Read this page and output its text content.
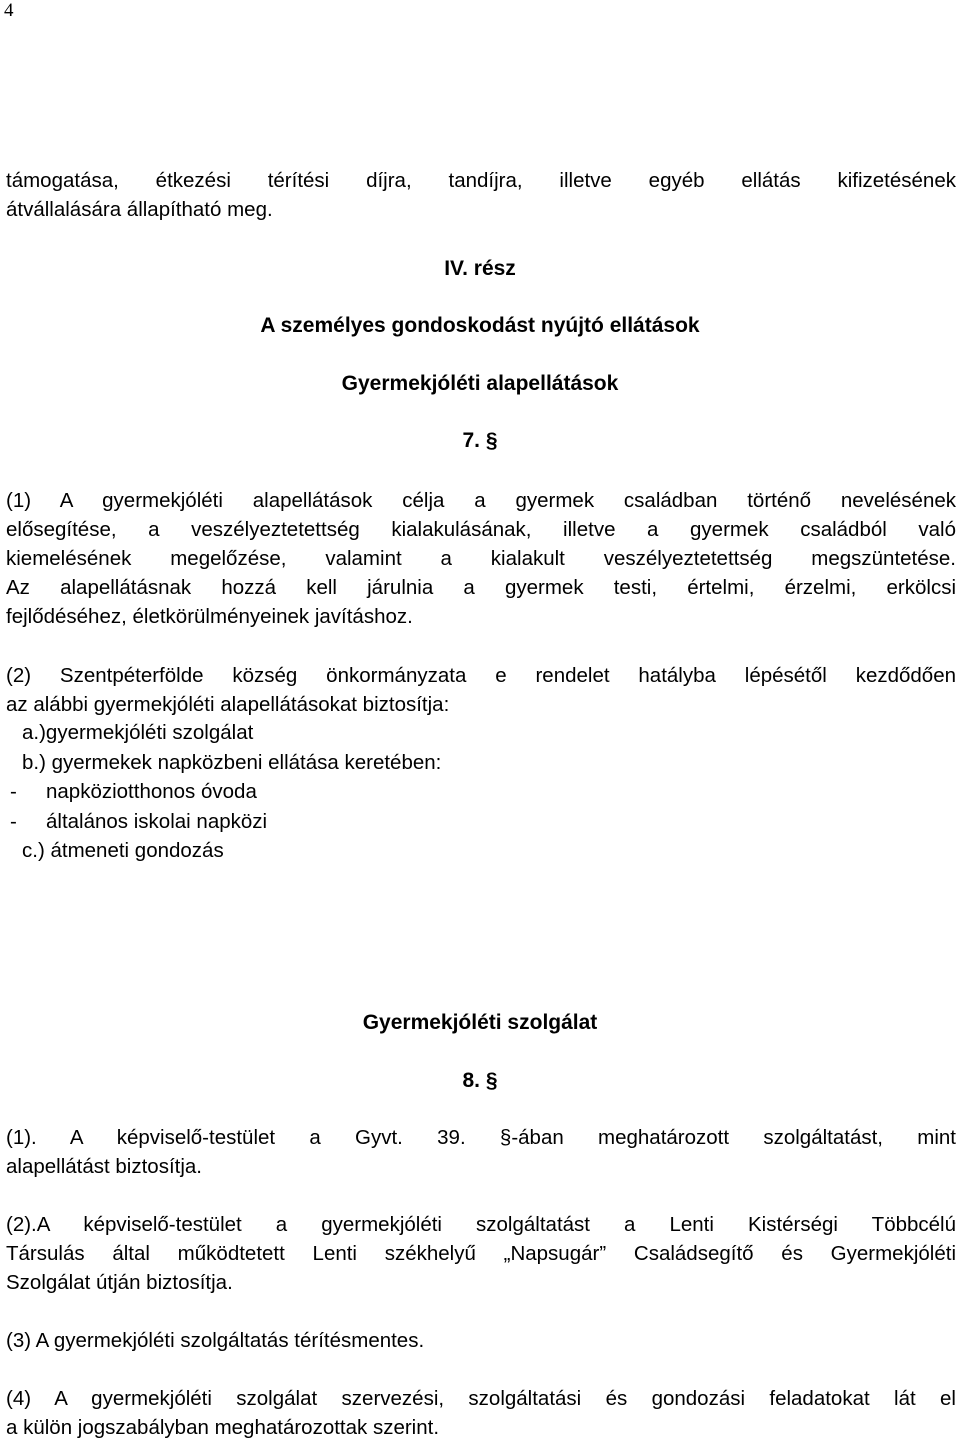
4
támogatása, étkezési térítési díjra, tandíjra, illetve egyéb ellátás kifizetésének
átvállalására állapítható meg.
IV. rész
A személyes gondoskodást nyújtó ellátások
Gyermekjóléti alapellátások
7. §
(1) A gyermekjóléti alapellátások célja a gyermek családban történő nevelésének
elősegítése, a veszélyeztetettség kialakulásának, illetve a gyermek családból való
kiemelésének megelőzése, valamint a kialakult veszélyeztetettség megszüntetése.
Az alapellátásnak hozzá kell járulnia a gyermek testi, értelmi, érzelmi, erkölcsi
fejlődéséhez, életkörülményeinek javításhoz.
(2) Szentpéterfölde község önkormányzata e rendelet hatályba lépésétől kezdődően
az alábbi gyermekjóléti alapellátásokat biztosítja:
a.)gyermekjóléti szolgálat
b.) gyermekek napközbeni ellátása keretében:
- napköziotthonos óvoda
- általános iskolai napközi
c.) átmeneti gondozás
Gyermekjóléti szolgálat
8. §
(1). A képviselő-testület a Gyvt. 39. §-ában meghatározott szolgáltatást, mint
alapellátást biztosítja.
(2).A képviselő-testület a gyermekjóléti szolgáltatást a Lenti Kistérségi Többcélú
Társulás által működtetett Lenti székhelyű „Napsugár” Családsegítő és Gyermekjóléti
Szolgálat útján biztosítja.
(3) A gyermekjóléti szolgáltatás térítésmentes.
(4) A gyermekjóléti szolgálat szervezési, szolgáltatási és gondozási feladatokat lát el
a külön jogszabályban meghatározottak szerint.
